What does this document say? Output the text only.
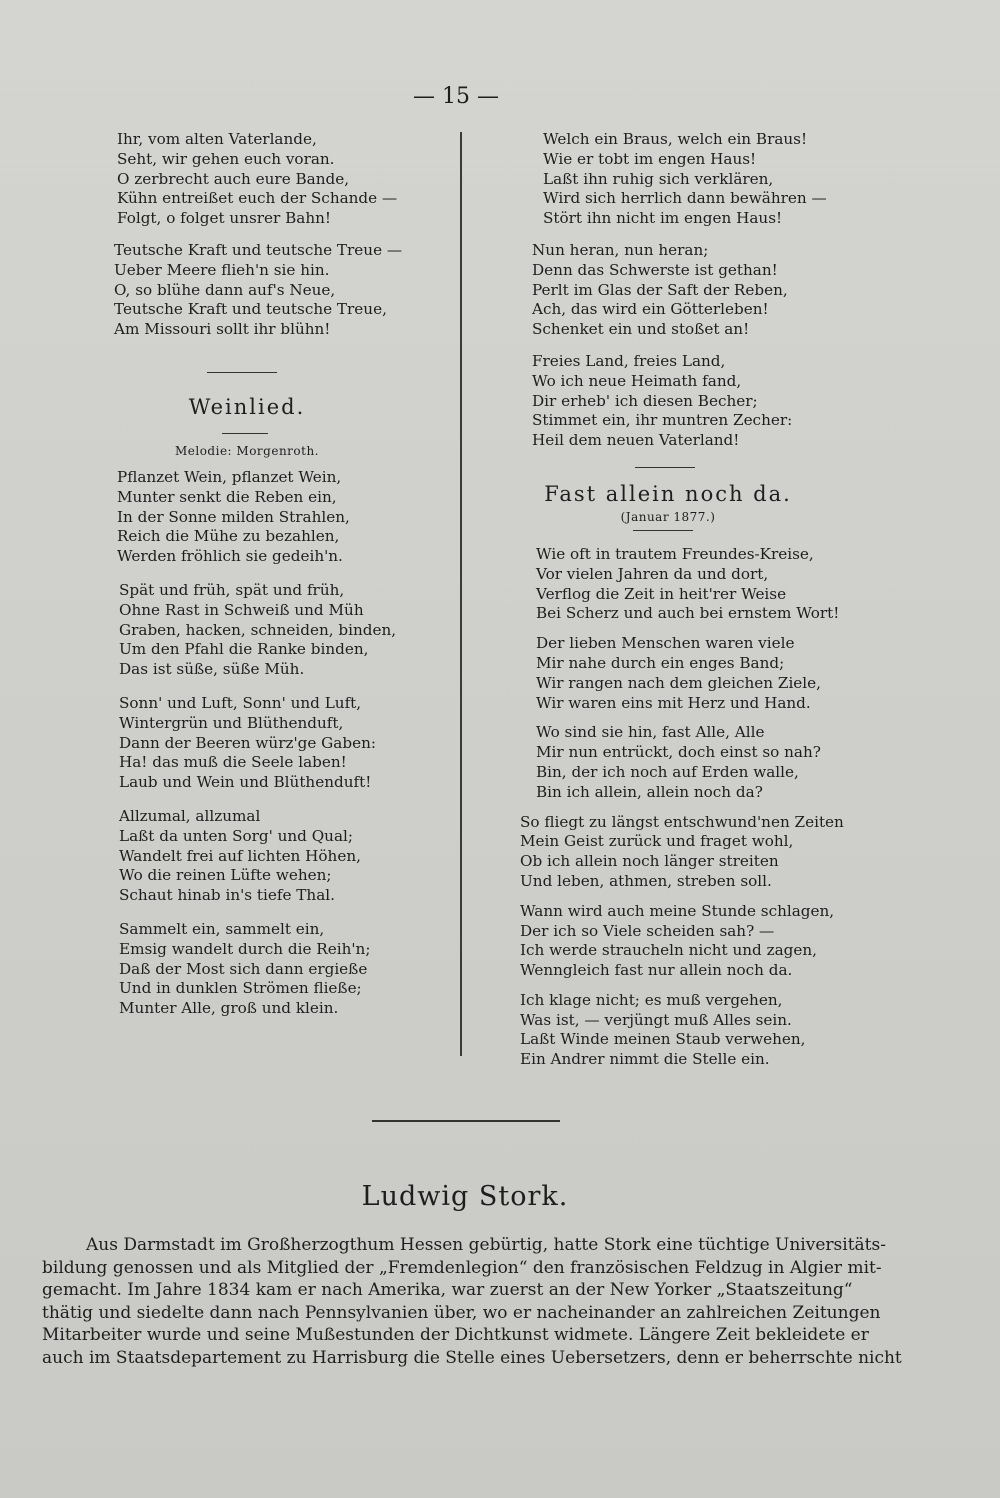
— 15 —
Ihr, vom alten Vaterlande,
Seht, wir gehen euch voran.
O zerbrecht auch eure Bande,
Kühn entreißet euch der Schande —
Folgt, o folget unsrer Bahn!
Teutsche Kraft und teutsche Treue —
Ueber Meere flieh'n sie hin.
O, so blühe dann auf's Neue,
Teutsche Kraft und teutsche Treue,
Am Missouri sollt ihr blühn!
Weinlied.
Melodie: Morgenroth.
Pflanzet Wein, pflanzet Wein,
Munter senkt die Reben ein,
In der Sonne milden Strahlen,
Reich die Mühe zu bezahlen,
Werden fröhlich sie gedeih'n.
Spät und früh, spät und früh,
Ohne Rast in Schweiß und Müh
Graben, hacken, schneiden, binden,
Um den Pfahl die Ranke binden,
Das ist süße, süße Müh.
Sonn' und Luft, Sonn' und Luft,
Wintergrün und Blüthenduft,
Dann der Beeren würz'ge Gaben:
Ha! das muß die Seele laben!
Laub und Wein und Blüthenduft!
Allzumal, allzumal
Laßt da unten Sorg' und Qual;
Wandelt frei auf lichten Höhen,
Wo die reinen Lüfte wehen;
Schaut hinab in's tiefe Thal.
Sammelt ein, sammelt ein,
Emsig wandelt durch die Reih'n;
Daß der Most sich dann ergieße
Und in dunklen Strömen fließe;
Munter Alle, groß und klein.
Welch ein Braus, welch ein Braus!
Wie er tobt im engen Haus!
Laßt ihn ruhig sich verklären,
Wird sich herrlich dann bewähren —
Stört ihn nicht im engen Haus!
Nun heran, nun heran;
Denn das Schwerste ist gethan!
Perlt im Glas der Saft der Reben,
Ach, das wird ein Götterleben!
Schenket ein und stoßet an!
Freies Land, freies Land,
Wo ich neue Heimath fand,
Dir erheb' ich diesen Becher;
Stimmet ein, ihr muntren Zecher:
Heil dem neuen Vaterland!
Fast allein noch da.
(Januar 1877.)
Wie oft in trautem Freundes-Kreise,
Vor vielen Jahren da und dort,
Verflog die Zeit in heit'rer Weise
Bei Scherz und auch bei ernstem Wort!
Der lieben Menschen waren viele
Mir nahe durch ein enges Band;
Wir rangen nach dem gleichen Ziele,
Wir waren eins mit Herz und Hand.
Wo sind sie hin, fast Alle, Alle
Mir nun entrückt, doch einst so nah?
Bin, der ich noch auf Erden walle,
Bin ich allein, allein noch da?
So fliegt zu längst entschwund'nen Zeiten
Mein Geist zurück und fraget wohl,
Ob ich allein noch länger streiten
Und leben, athmen, streben soll.
Wann wird auch meine Stunde schlagen,
Der ich so Viele scheiden sah? —
Ich werde straucheln nicht und zagen,
Wenngleich fast nur allein noch da.
Ich klage nicht; es muß vergehen,
Was ist, — verjüngt muß Alles sein.
Laßt Winde meinen Staub verwehen,
Ein Andrer nimmt die Stelle ein.
Ludwig Stork.
Aus Darmstadt im Großherzogthum Hessen gebürtig, hatte Stork eine tüchtige Universitäts-
bildung genossen und als Mitglied der „Fremdenlegion“ den französischen Feldzug in Algier mit-
gemacht. Im Jahre 1834 kam er nach Amerika, war zuerst an der New Yorker „Staatszeitung“
thätig und siedelte dann nach Pennsylvanien über, wo er nacheinander an zahlreichen Zeitungen
Mitarbeiter wurde und seine Mußestunden der Dichtkunst widmete. Längere Zeit bekleidete er
auch im Staatsdepartement zu Harrisburg die Stelle eines Uebersetzers, denn er beherrschte nicht
